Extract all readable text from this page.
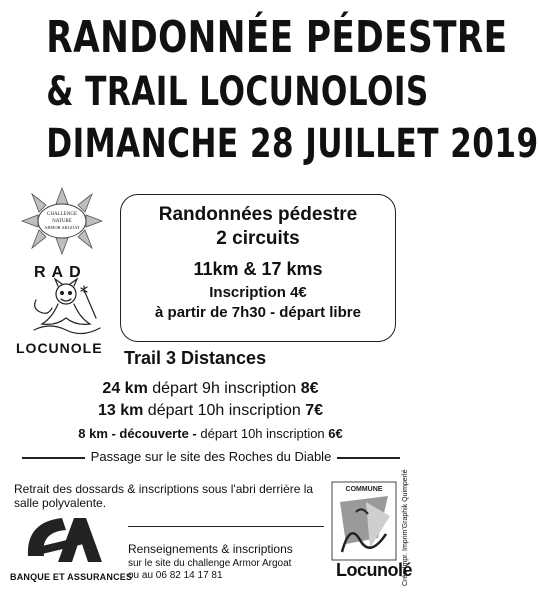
RANDONNÉE PÉDESTRE
& TRAIL LOCUNOLOIS
DIMANCHE 28 JUILLET 2019
CHALLENGE
NATURE
ARMOR ARGOAT
RAD
LOCUNOLE
Randonnées pédestre
2 circuits
11km & 17 kms
Inscription 4€
à partir de 7h30 - départ libre
Trail 3 Distances
24 km départ 9h inscription 8€
13 km départ 10h inscription 7€
8 km - découverte - départ 10h inscription 6€
Passage sur le site des Roches du Diable
Retrait des dossards & inscriptions sous l'abri derrière la salle polyvalente.
BANQUE ET ASSURANCES
Renseignements & inscriptions
sur le site du challenge Armor Argoat
ou au 06 82 14 17 81
COMMUNE
Locunolé
Créa-Impr. Imprim'Graphik Quimperlé
